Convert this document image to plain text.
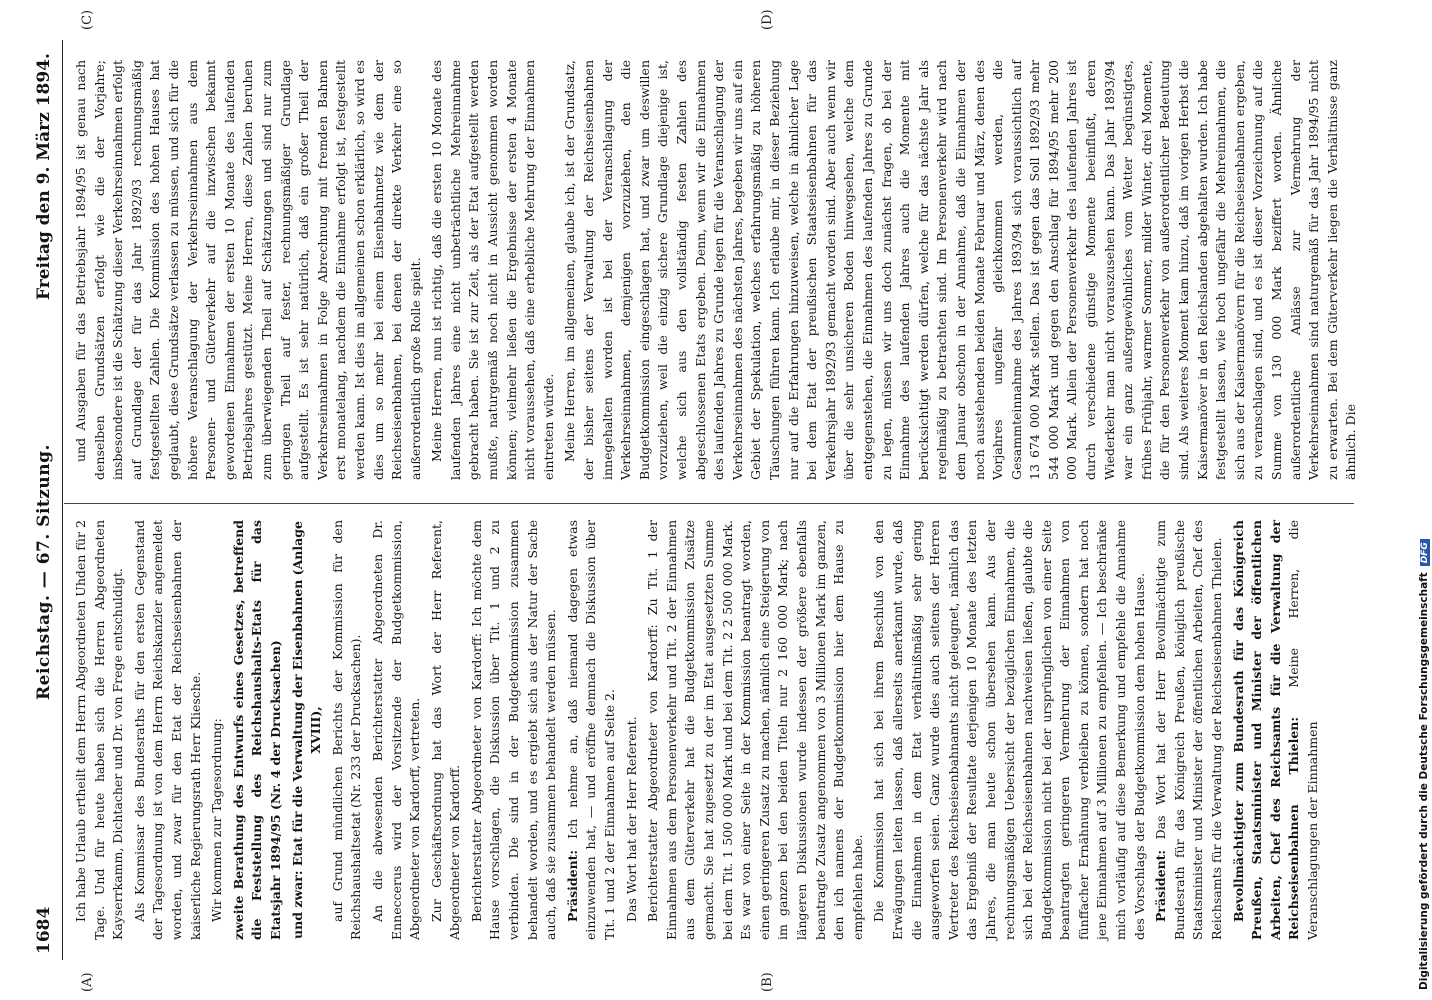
1684
Reichstag. — 67. Sitzung.
Freitag den 9. März 1894.
(A)	(B)
(C)	(D)

Ich habe Urlaub ertheilt dem Herrn Abgeordneten Uhden für 2 Tage. Und für heute haben sich die Herren Abgeordneten Kayserrkamm, Dichtacher und Dr. von Frege entschuldigt. Als Kommissar des Bundesraths für den ersten Gegenstand der Tagesordnung ist von dem Herrn Reichskanzler angemeldet worden, und zwar für den Etat der Reichseisenbahnen der kaiserliche Regierungsrath Herr Kliesche. Wir kommen zur Tagesordnung: zweite Berathung des Entwurfs eines Gesetzes, betreffend die Feststellung des Reichshaushalts-Etats für das Etatsjahr 1894/95 (Nr. 4 der Drucksachen) und zwar: Etat für die Verwaltung der Eisenbahnen (Anlage XVIII), auf Grund mündlichen Berichts der Kommission für den Reichshaushaltsetat (Nr. 233 der Drucksachen). An die abwesenden Berichterstatter Abgeordneten Dr. Enneccerus wird der Vorsitzende der Budgetkommission, Abgeordneter von Kardorff, vertreten. Zur Geschäftsordnung hat das Wort der Herr Referent, Abgeordneter von Kardorff. Berichterstatter Abgeordneter von Kardorff: Ich möchte dem Hause vorschlagen, die Diskussion über Tit. 1 und 2 zu verbinden. Die sind in der Budgetkommission zusammen behandelt worden, und es ergiebt sich aus der Natur der Sache auch, daß sie zusammen behandelt werden müssen. Präsident: Ich nehme an, daß niemand dagegen etwas einzuwenden hat, — und eröffne demnach die Diskussion über Tit. 1 und 2 der Einnahmen auf Seite 2. Das Wort hat der Herr Referent. Berichterstatter Abgeordneter von Kardorff: Zu Tit. 1 der Einnahmen aus dem Personenverkehr und Tit. 2 der Einnahmen aus dem Güterverkehr hat die Budgetkommission Zusätze gemacht. Sie hat zugesetzt zu der im Etat ausgesetzten Summe bei dem Tit. 1 500 000 Mark und bei dem Tit. 2 2 500 000 Mark. Es war von einer Seite in der Kommission beantragt worden, einen geringeren Zusatz zu machen, nämlich eine Steigerung von im ganzen bei den beiden Titeln nur 2 160 000 Mark; nach längeren Diskussionen wurde indessen der größere ebenfalls beantragte Zusatz angenommen von 3 Millionen Mark im ganzen, den ich namens der Budgetkommission hier dem Hause zu empfehlen habe. Die Kommission hat sich bei ihrem Beschluß von den Erwägungen leiten lassen, daß allerseits anerkannt wurde, daß die Einnahmen in dem Etat verhältnißmäßig sehr gering ausgeworfen seien. Ganz wurde dies auch seitens der Herren Vertreter des Reichseisenbahnamts nicht geleugnet, nämlich das das Ergebniß der Resultate derjenigen 10 Monate des letzten Jahres, die man heute schon übersehen kann. Aus der rechnungsmäßigen Uebersicht der bezüglichen Einnahmen, die sich bei der Reichseisenbahnen nachweisen ließen, glaubte die Budgetkommission nicht bei der ursprünglichen von einer Seite beantragten geringeren Vermehrung der Einnahmen von fünffacher Ernähnung verbleiben zu können, sondern hat noch jene Einnahmen auf 3 Millionen zu empfehlen. — Ich beschränke mich vorläufig auf diese Bemerkung und empfehle die Annahme des Vorschlags der Budgetkommission dem hohen Hause. Präsident: Das Wort hat der Herr Bevollmächtigte zum Bundesrath für das Königreich Preußen, königlich preußische Staatsminister und Minister der öffentlichen Arbeiten, Chef des Reichsamts für die Verwaltung der Reichseisenbahnen Thielen. Bevollmächtigter zum Bundesrath für das Königreich Preußen, Staatsminister und Minister der öffentlichen Arbeiten, Chef des Reichsamts für die Verwaltung der Reichseisenbahnen Thielen: Meine Herren, die Veranschlagungen der Einnahmen

und Ausgaben für das Betriebsjahr 1894/95 ist genau nach denselben Grundsätzen erfolgt wie die der Vorjahre; insbesondere ist die Schätzung dieser Verkehrseinnahmen erfolgt auf Grundlage der für das Jahr 1892/93 rechnungsmäßig festgestellten Zahlen. Die Kommission des hohen Hauses hat geglaubt, diese Grundsätze verlassen zu müssen, und sich für die höhere Veranschlagung der Verkehrseinnahmen aus dem Personen- und Güterverkehr auf die inzwischen bekannt gewordenen Einnahmen der ersten 10 Monate des laufenden Betriebsjahres gestützt. Meine Herren, diese Zahlen beruhen zum überwiegenden Theil auf Schätzungen und sind nur zum geringen Theil auf fester, rechnungsmäßiger Grundlage aufgestellt. Es ist sehr natürlich, daß ein großer Theil der Verkehrseinnahmen in Folge Abrechnung mit fremden Bahnen erst monatelang, nachdem die Einnahme erfolgt ist, festgestellt werden kann. Ist dies im allgemeinen schon erklärlich, so wird es dies um so mehr bei einem Eisenbahnnetz wie dem der Reichseisenbahnen, bei denen der direkte Verkehr eine so außerordentlich große Rolle spielt. Meine Herren, nun ist richtig, daß die ersten 10 Monate des laufenden Jahres eine nicht unbeträchtliche Mehreinnahme gebracht haben. Sie ist zur Zeit, als der Etat aufgestellt werden mußte, naturgemäß noch nicht in Aussicht genommen worden können; vielmehr ließen die Ergebnisse der ersten 4 Monate nicht voraussehen, daß eine erhebliche Mehrung der Einnahmen eintreten würde. Meine Herren, im allgemeinen, glaube ich, ist der Grundsatz, der bisher seitens der Verwaltung der Reichseisenbahnen innegehalten worden ist bei der Veranschlagung der Verkehrseinnahmen, demjenigen vorzuziehen, den die Budgetkommission eingeschlagen hat, und zwar um deswillen vorzuziehen, weil die einzig sichere Grundlage diejenige ist, welche sich aus den vollständig festen Zahlen des abgeschlossenen Etats ergeben. Denn, wenn wir die Einnahmen des laufenden Jahres zu Grunde legen für die Veranschlagung der Verkehrseinnahmen des nächsten Jahres, begeben wir uns auf ein Gebiet der Spekulation, welches erfahrungsmäßig zu höheren Täuschungen führen kann. Ich erlaube mir, in dieser Beziehung nur auf die Erfahrungen hinzuweisen, welche in ähnlicher Lage bei dem Etat der preußischen Staatseisenbahnen für das Verkehrsjahr 1892/93 gemacht worden sind. Aber auch wenn wir über die sehr unsicheren Boden hinwegsehen, welche dem entgegenstehen, die Einnahmen des laufenden Jahres zu Grunde zu legen, müssen wir uns doch zunächst fragen, ob bei der Einnahme des laufenden Jahres auch die Momente mit berücksichtigt werden dürfen, welche für das nächste Jahr als regelmäßig zu betrachten sind. Im Personenverkehr wird nach dem Januar obschon in der Annahme, daß die Einnahmen der noch ausstehenden beiden Monate Februar und März, denen des Vorjahres ungefähr gleichkommen werden, die Gesammteinnahme des Jahres 1893/94 sich voraussichtlich auf 13 674 000 Mark stellen. Das ist gegen das Soll 1892/93 mehr 544 000 Mark und gegen den Anschlag für 1894/95 mehr 200 000 Mark. Allein der Personenverkehr des laufenden Jahres ist durch verschiedene günstige Momente beeinflußt, deren Wiederkehr man nicht vorauszusehen kann. Das Jahr 1893/94 war ein ganz außergewöhnliches vom Wetter begünstigtes, frühes Frühjahr, warmer Sommer, milder Winter, drei Momente, die für den Personenverkehr von außerordentlicher Bedeutung sind. Als weiteres Moment kam hinzu, daß im vorigen Herbst die Kaisermanöver in den Reichslanden abgehalten wurden. Ich habe festgestellt lassen, wie hoch ungefähr die Mehreinnahmen, die sich aus der Kaisermanövern für die Reichseisenbahnen ergeben, zu veranschlagen sind, und es ist dieser Vorzeichnung auf die Summe von 130 000 Mark beziffert worden. Ähnliche außerordentliche Anlässe zur Vermehrung der Verkehrseinnahmen sind naturgemäß für das Jahr 1894/95 nicht zu erwarten. Bei dem Güterverkehr liegen die Verhältnisse ganz ähnlich. Die

Digitalisierung gefördert durch die Deutsche ForschungsgemeinschaftDFG
